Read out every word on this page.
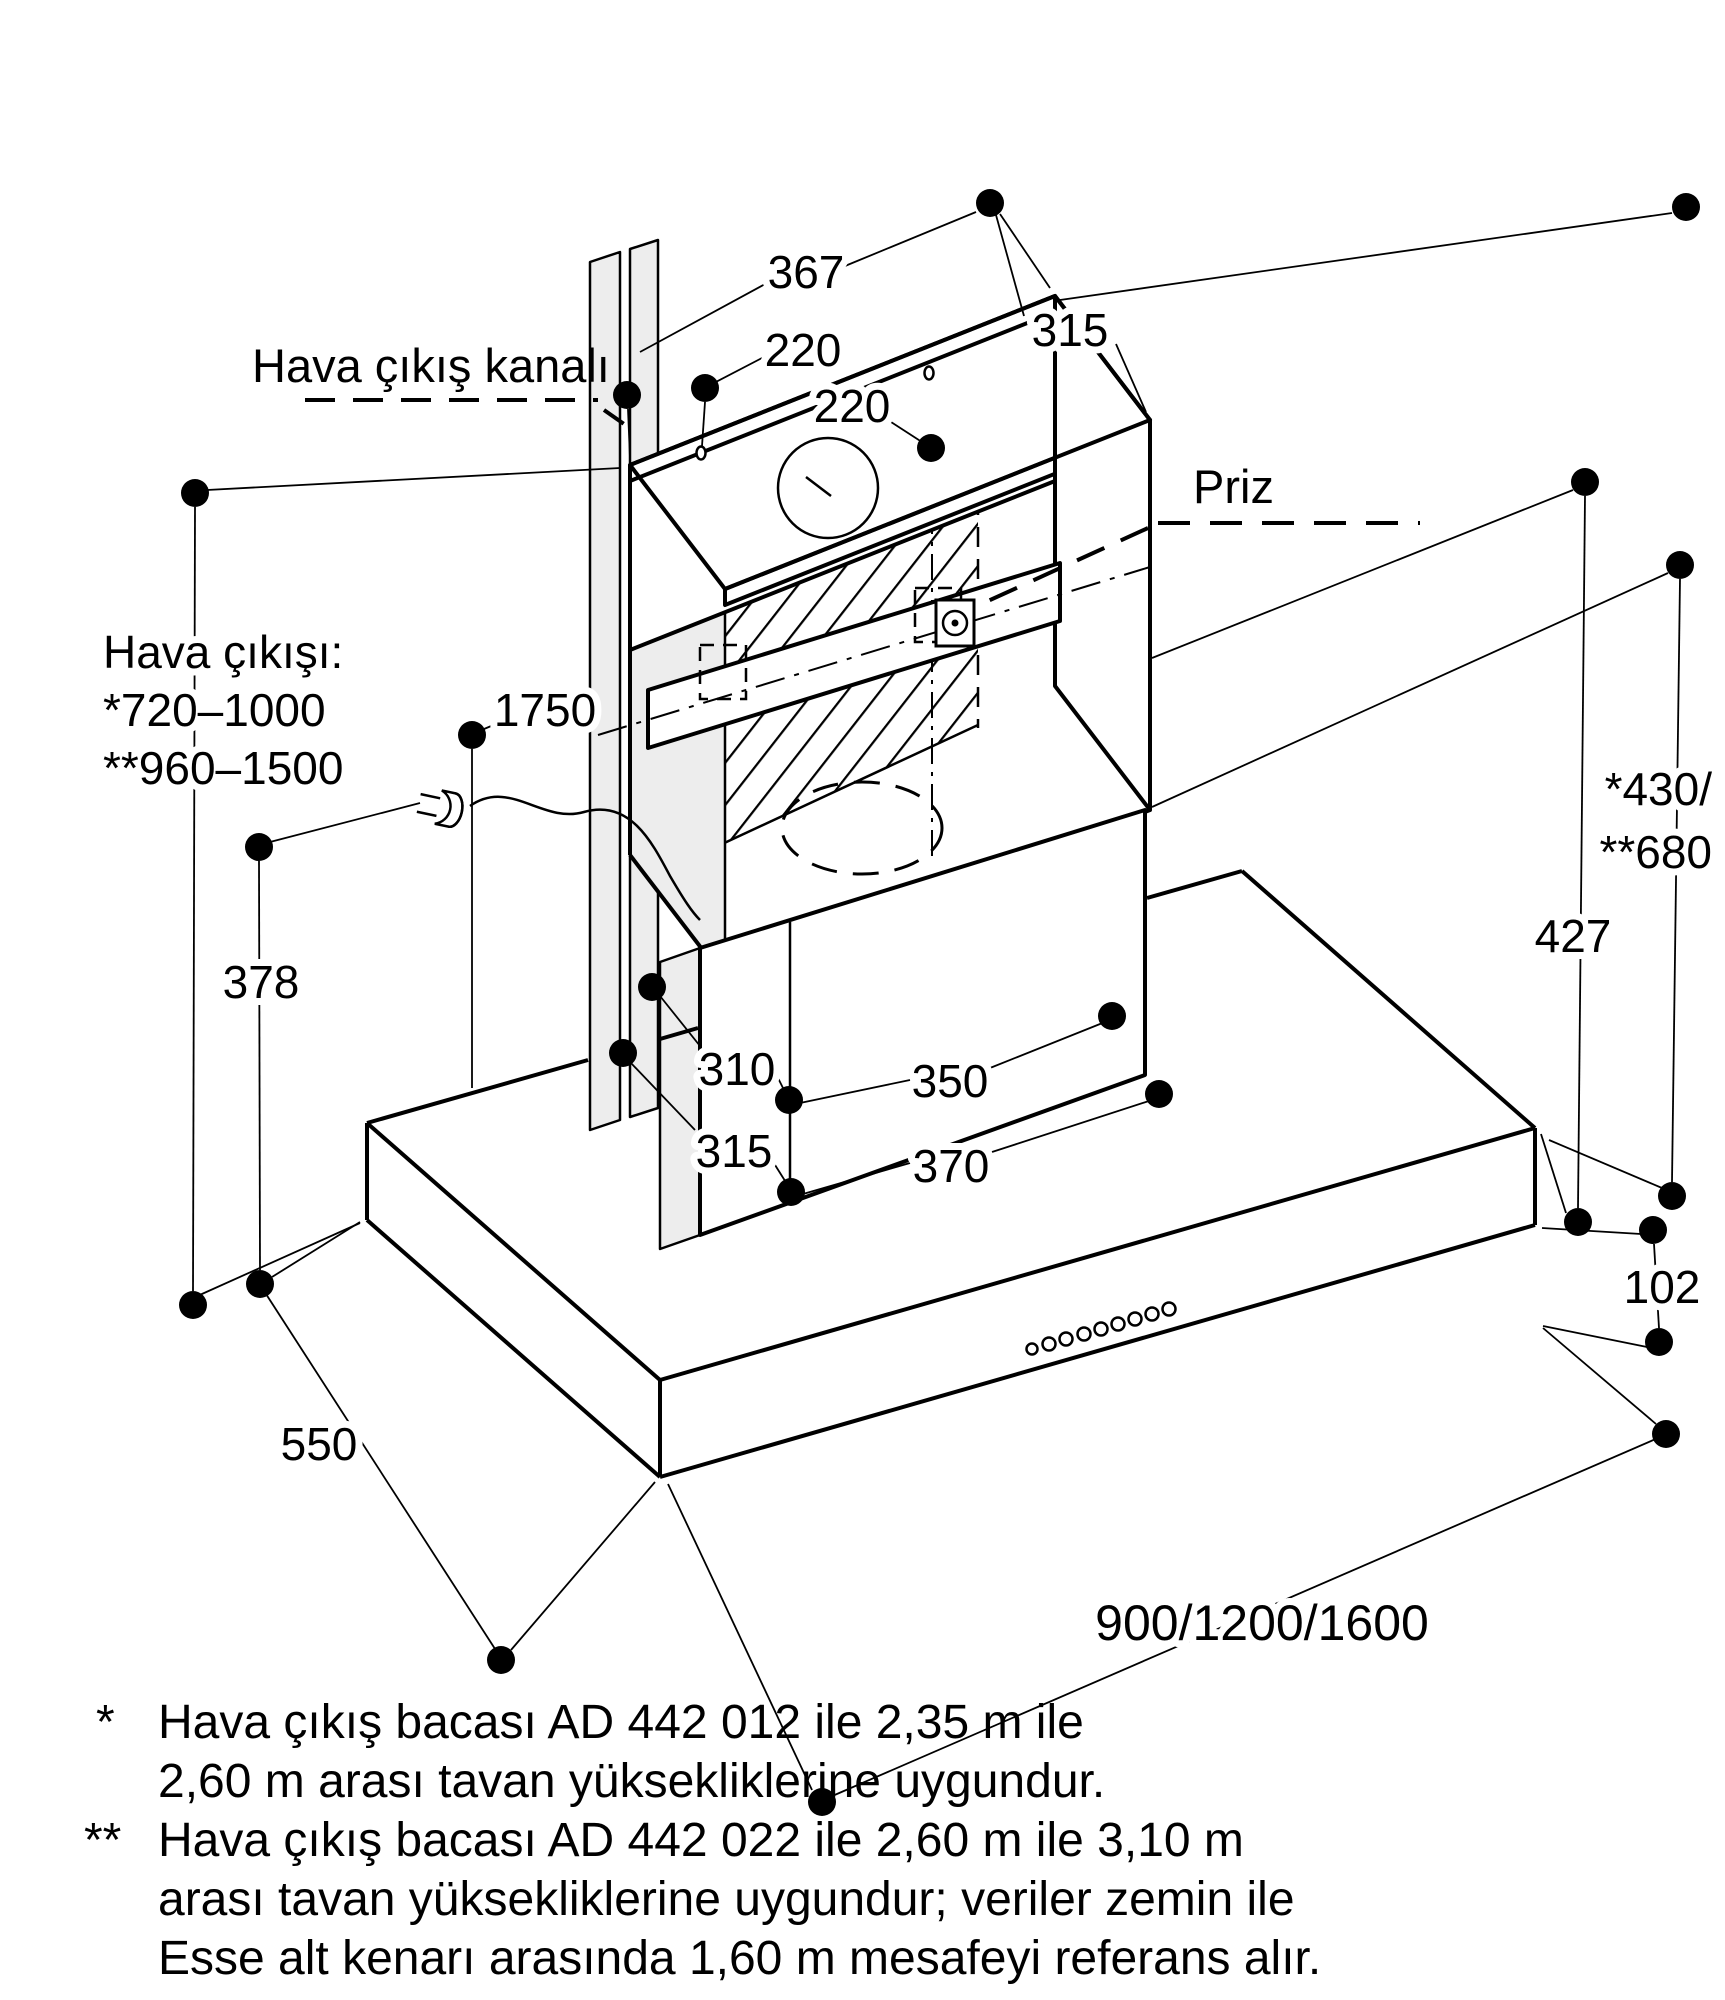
Hava çıkış kanalı
Priz
Hava çıkışı:
*720–1000
**960–1500
367
220	315
220
1750
378
310
315
350
370
427
*430/
**680
550
102
900/1200/1600
* Hava çıkış bacası AD 442 012 ile 2,35 m ile
2,60 m arası tavan yüksekliklerine uygundur.
** Hava çıkış bacası AD 442 022 ile 2,60 m ile 3,10 m
arası tavan yüksekliklerine uygundur; veriler zemin ile
Esse alt kenarı arasında 1,60 m mesafeyi referans alır.
